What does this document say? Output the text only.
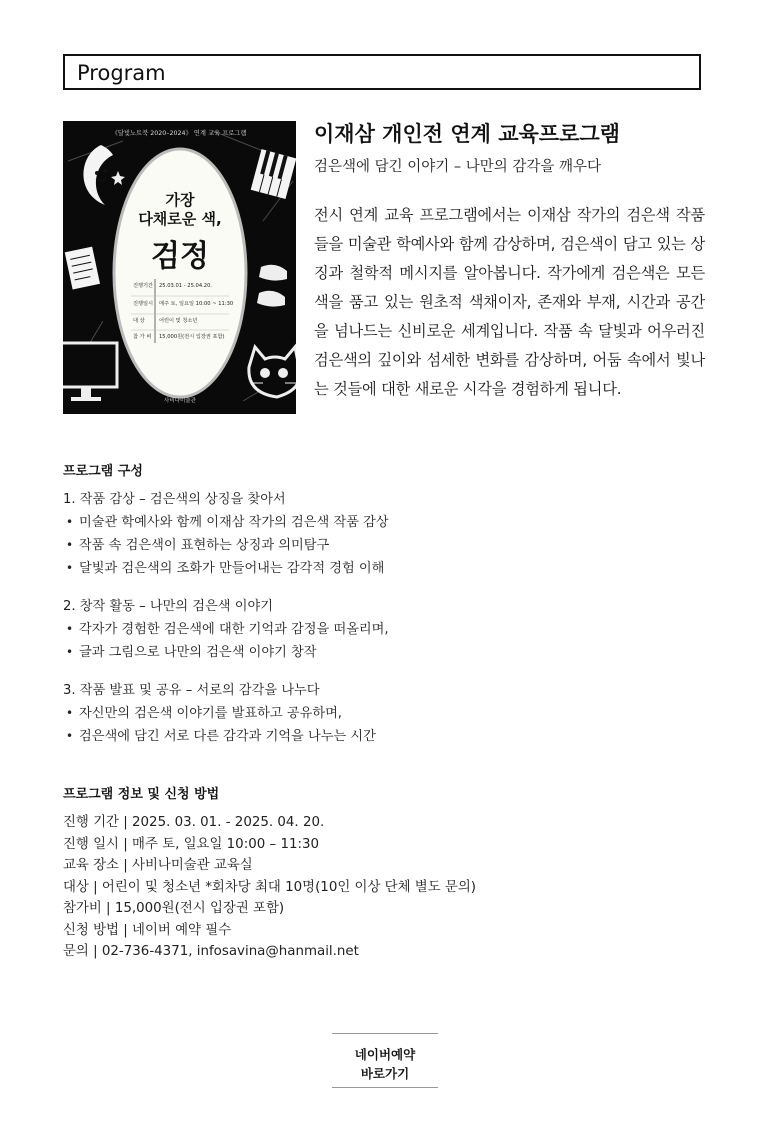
Program
《달빛노트북 2020–2024》 연계 교육 프로그램
가장
다채로운 색,
검정
진행기간 25.03.01 - 25.04.20.
진행일시 매주 토, 일요일 10:00 ~ 11:30
대 상	어린이 및 청소년
참 가 비 15,000원(전시 입장권 포함)
사비나미술관
이재삼 개인전 연계 교육프로그램
검은색에 담긴 이야기 – 나만의 감각을 깨우다
전시 연계 교육 프로그램에서는 이재삼 작가의 검은색 작품들을 미술관 학예사와 함께 감상하며, 검은색이 담고 있는 상징과 철학적 메시지를 알아봅니다. 작가에게 검은색은 모든 색을 품고 있는 원초적 색채이자, 존재와 부재, 시간과 공간을 넘나드는 신비로운 세계입니다. 작품 속 달빛과 어우러진 검은색의 깊이와 섬세한 변화를 감상하며, 어둠 속에서 빛나는 것들에 대한 새로운 시각을 경험하게 됩니다.
프로그램 구성
1. 작품 감상 – 검은색의 상징을 찾아서
• 미술관 학예사와 함께 이재삼 작가의 검은색 작품 감상
• 작품 속 검은색이 표현하는 상징과 의미탐구
• 달빛과 검은색의 조화가 만들어내는 감각적 경험 이해
2. 창작 활동 – 나만의 검은색 이야기
• 각자가 경험한 검은색에 대한 기억과 감정을 떠올리며,
• 글과 그림으로 나만의 검은색 이야기 창작
3. 작품 발표 및 공유 – 서로의 감각을 나누다
• 자신만의 검은색 이야기를 발표하고 공유하며,
• 검은색에 담긴 서로 다른 감각과 기억을 나누는 시간
프로그램 정보 및 신청 방법
진행 기간 | 2025. 03. 01. - 2025. 04. 20.
진행 일시 | 매주 토, 일요일 10:00 – 11:30
교육 장소 | 사비나미술관 교육실
대상 | 어린이 및 청소년 *회차당 최대 10명(10인 이상 단체 별도 문의)
참가비 | 15,000원(전시 입장권 포함)
신청 방법 | 네이버 예약 필수
문의 | 02-736-4371, infosavina@hanmail.net
네이버예약
바로가기
